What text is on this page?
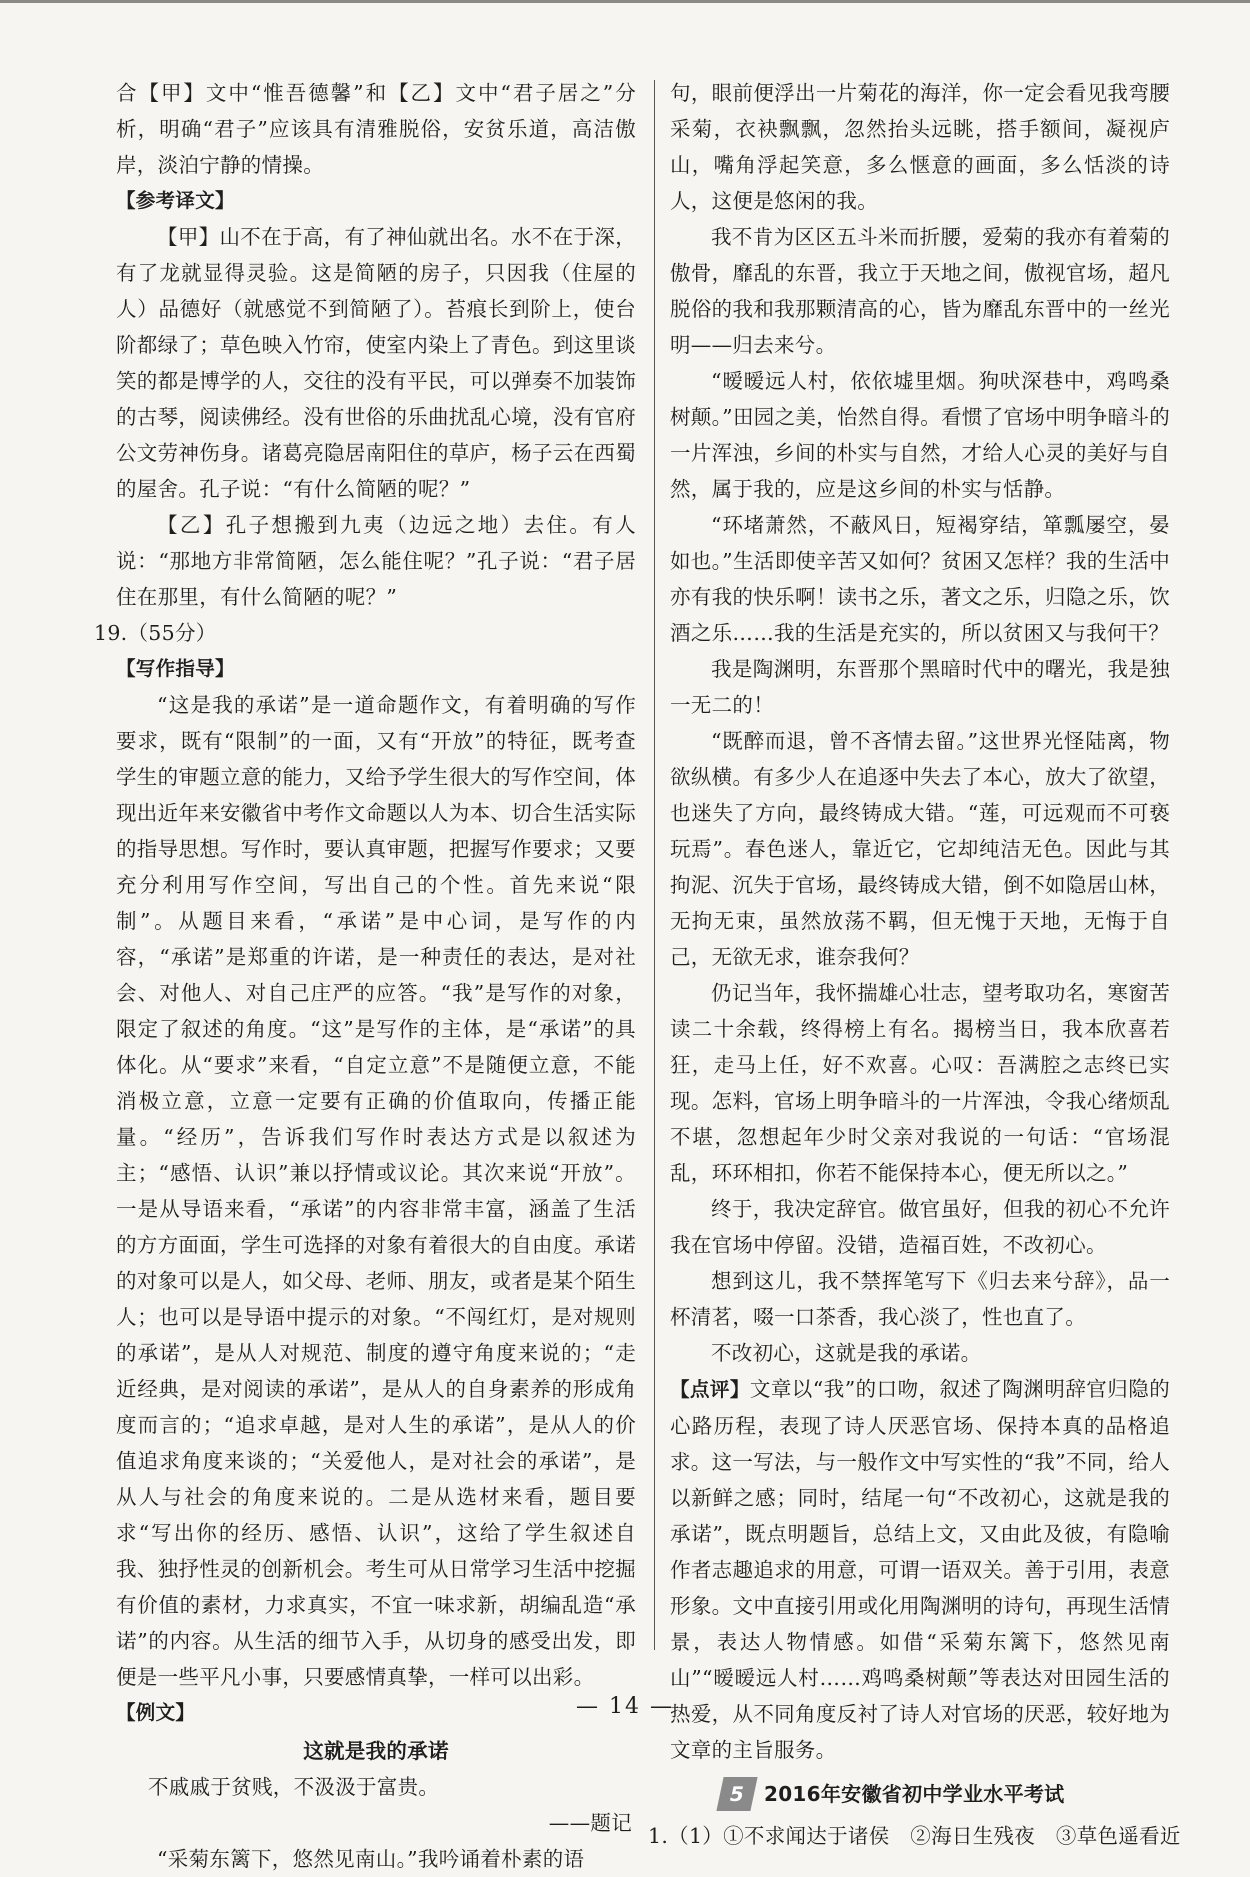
合【甲】文中“惟吾德馨”和【乙】文中“君子居之”分析，明确“君子”应该具有清雅脱俗，安贫乐道，高洁傲岸，淡泊宁静的情操。

【参考译文】

【甲】山不在于高，有了神仙就出名。水不在于深，有了龙就显得灵验。这是简陋的房子，只因我（住屋的人）品德好（就感觉不到简陋了）。苔痕长到阶上，使台阶都绿了；草色映入竹帘，使室内染上了青色。到这里谈笑的都是博学的人，交往的没有平民，可以弹奏不加装饰的古琴，阅读佛经。没有世俗的乐曲扰乱心境，没有官府公文劳神伤身。诸葛亮隐居南阳住的草庐，杨子云在西蜀的屋舍。孔子说：“有什么简陋的呢？”

【乙】孔子想搬到九夷（边远之地）去住。有人说：“那地方非常简陋，怎么能住呢？”孔子说：“君子居住在那里，有什么简陋的呢？”

19.（55分）

【写作指导】

“这是我的承诺”是一道命题作文，有着明确的写作要求，既有“限制”的一面，又有“开放”的特征，既考查学生的审题立意的能力，又给予学生很大的写作空间，体现出近年来安徽省中考作文命题以人为本、切合生活实际的指导思想。写作时，要认真审题，把握写作要求；又要充分利用写作空间，写出自己的个性。首先来说“限制”。从题目来看，“承诺”是中心词，是写作的内容，“承诺”是郑重的许诺，是一种责任的表达，是对社会、对他人、对自己庄严的应答。“我”是写作的对象，限定了叙述的角度。“这”是写作的主体，是“承诺”的具体化。从“要求”来看，“自定立意”不是随便立意，不能消极立意，立意一定要有正确的价值取向，传播正能量。“经历”，告诉我们写作时表达方式是以叙述为主；“感悟、认识”兼以抒情或议论。其次来说“开放”。一是从导语来看，“承诺”的内容非常丰富，涵盖了生活的方方面面，学生可选择的对象有着很大的自由度。承诺的对象可以是人，如父母、老师、朋友，或者是某个陌生人；也可以是导语中提示的对象。“不闯红灯，是对规则的承诺”，是从人对规范、制度的遵守角度来说的；“走近经典，是对阅读的承诺”，是从人的自身素养的形成角度而言的；“追求卓越，是对人生的承诺”，是从人的价值追求角度来谈的；“关爱他人，是对社会的承诺”，是从人与社会的角度来说的。二是从选材来看，题目要求“写出你的经历、感悟、认识”，这给了学生叙述自我、独抒性灵的创新机会。考生可从日常学习生活中挖掘有价值的素材，力求真实，不宜一味求新，胡编乱造“承诺”的内容。从生活的细节入手，从切身的感受出发，即便是一些平凡小事，只要感情真挚，一样可以出彩。

【例文】

这就是我的承诺

不戚戚于贫贱，不汲汲于富贵。

——题记

“采菊东篱下，悠然见南山。”我吟诵着朴素的语

句，眼前便浮出一片菊花的海洋，你一定会看见我弯腰采菊，衣袂飘飘，忽然抬头远眺，搭手额间，凝视庐山，嘴角浮起笑意，多么惬意的画面，多么恬淡的诗人，这便是悠闲的我。

我不肯为区区五斗米而折腰，爱菊的我亦有着菊的傲骨，靡乱的东晋，我立于天地之间，傲视官场，超凡脱俗的我和我那颗清高的心，皆为靡乱东晋中的一丝光明——归去来兮。

“暧暧远人村，依依墟里烟。狗吠深巷中，鸡鸣桑树颠。”田园之美，怡然自得。看惯了官场中明争暗斗的一片浑浊，乡间的朴实与自然，才给人心灵的美好与自然，属于我的，应是这乡间的朴实与恬静。

“环堵萧然，不蔽风日，短褐穿结，箪瓢屡空，晏如也。”生活即使辛苦又如何？贫困又怎样？我的生活中亦有我的快乐啊！读书之乐，著文之乐，归隐之乐，饮酒之乐……我的生活是充实的，所以贫困又与我何干？

我是陶渊明，东晋那个黑暗时代中的曙光，我是独一无二的！

“既醉而退，曾不吝情去留。”这世界光怪陆离，物欲纵横。有多少人在追逐中失去了本心，放大了欲望，也迷失了方向，最终铸成大错。“莲，可远观而不可亵玩焉”。春色迷人，靠近它，它却纯洁无色。因此与其拘泥、沉失于官场，最终铸成大错，倒不如隐居山林，无拘无束，虽然放荡不羁，但无愧于天地，无悔于自己，无欲无求，谁奈我何？

仍记当年，我怀揣雄心壮志，望考取功名，寒窗苦读二十余载，终得榜上有名。揭榜当日，我本欣喜若狂，走马上任，好不欢喜。心叹：吾满腔之志终已实现。怎料，官场上明争暗斗的一片浑浊，令我心绪烦乱不堪，忽想起年少时父亲对我说的一句话：“官场混乱，环环相扣，你若不能保持本心，便无所以之。”

终于，我决定辞官。做官虽好，但我的初心不允许我在官场中停留。没错，造福百姓，不改初心。

想到这儿，我不禁挥笔写下《归去来兮辞》，品一杯清茗，啜一口茶香，我心淡了，性也直了。

不改初心，这就是我的承诺。

【点评】文章以“我”的口吻，叙述了陶渊明辞官归隐的心路历程，表现了诗人厌恶官场、保持本真的品格追求。这一写法，与一般作文中写实性的“我”不同，给人以新鲜之感；同时，结尾一句“不改初心，这就是我的承诺”，既点明题旨，总结上文，又由此及彼，有隐喻作者志趣追求的用意，可谓一语双关。善于引用，表意形象。文中直接引用或化用陶渊明的诗句，再现生活情景，表达人物情感。如借“采菊东篱下，悠然见南山”“暧暧远人村……鸡鸣桑树颠”等表达对田园生活的热爱，从不同角度反衬了诗人对官场的厌恶，较好地为文章的主旨服务。

5 2016年安徽省初中学业水平考试

1.（1）①不求闻达于诸侯　②海日生残夜　③草色遥看近

— 14 —
